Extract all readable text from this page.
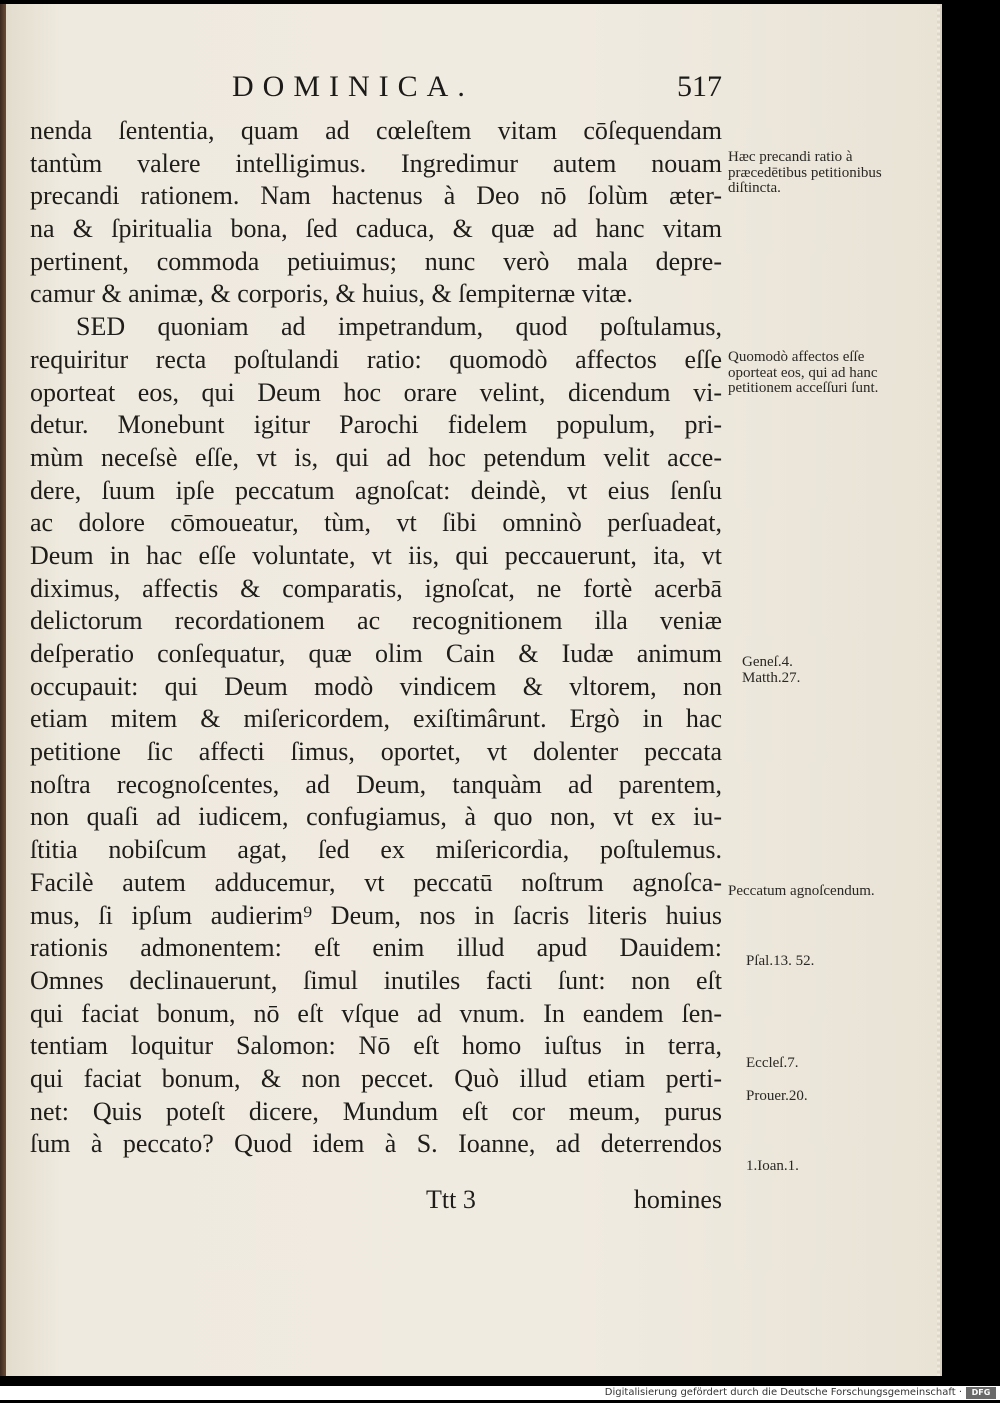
DOMINICA.	517
nenda ſententia, quam ad cœleſtem vitam cōſequendam
tantùm valere intelligimus. Ingredimur autem nouam
precandi rationem. Nam hactenus à Deo nō ſolùm æter-
na & ſpiritualia bona, ſed caduca, & quæ ad hanc vitam
pertinent, commoda petiuimus; nunc verò mala depre-
camur & animæ, & corporis, & huius, & ſempiternæ vitæ.
SED quoniam ad impetrandum, quod poſtulamus,
requiritur recta poſtulandi ratio: quomodò affectos eſſe
oporteat eos, qui Deum hoc orare velint, dicendum vi-
detur. Monebunt igitur Parochi fidelem populum, pri-
mùm neceſsè eſſe, vt is, qui ad hoc petendum velit acce-
dere, ſuum ipſe peccatum agnoſcat: deindè, vt eius ſenſu
ac dolore cōmoueatur, tùm, vt ſibi omninò perſuadeat,
Deum in hac eſſe voluntate, vt iis, qui peccauerunt, ita, vt
diximus, affectis & comparatis, ignoſcat, ne fortè acerbā
delictorum recordationem ac recognitionem illa veniæ
deſperatio conſequatur, quæ olim Cain & Iudæ animum
occupauit: qui Deum modò vindicem & vltorem, non
etiam mitem & miſericordem, exiſtimârunt. Ergò in hac
petitione ſic affecti ſimus, oportet, vt dolenter peccata
noſtra recognoſcentes, ad Deum, tanquàm ad parentem,
non quaſi ad iudicem, confugiamus, à quo non, vt ex iu-
ſtitia nobiſcum agat, ſed ex miſericordia, poſtulemus.
Facilè autem adducemur, vt peccatū noſtrum agnoſca-
mus, ſi ipſum audierim⁹ Deum, nos in ſacris literis huius
rationis admonentem: eſt enim illud apud Dauidem:
Omnes declinauerunt, ſimul inutiles facti ſunt: non eſt
qui faciat bonum, nō eſt vſque ad vnum. In eandem ſen-
tentiam loquitur Salomon: Nō eſt homo iuſtus in terra,
qui faciat bonum, & non peccet. Quò illud etiam perti-
net: Quis poteſt dicere, Mundum eſt cor meum, purus
ſum à peccato? Quod idem à S. Ioanne, ad deterrendos
Ttt 3	homines
Hæc precandi ratio à præcedētibus petitionibus diſtincta.
Quomodò affectos eſſe oporteat eos, qui ad hanc petitionem acceſſuri ſunt.
Geneſ.4. Matth.27.
Peccatum agnoſcendum.
Pſal.13. 52.
Eccleſ.7.
Prouer.20.
1.Ioan.1.
Digitalisierung gefördert durch die Deutsche Forschungsgemeinschaft ·	DFG
